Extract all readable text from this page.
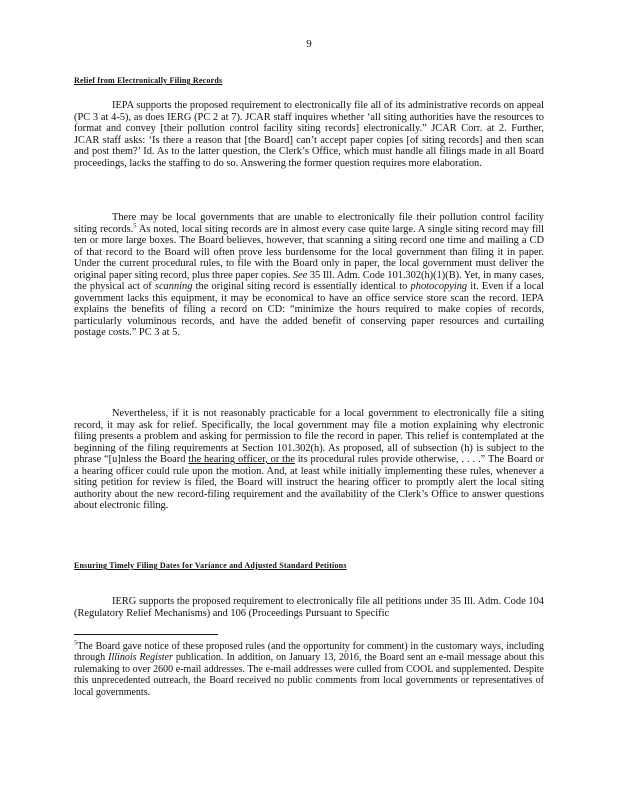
9
Relief from Electronically Filing Records

IEPA supports the proposed requirement to electronically file all of its administrative records on appeal (PC 3 at 4-5), as does IERG (PC 2 at 7). JCAR staff inquires whether ‘all siting authorities have the resources to format and convey [their pollution control facility siting records] electronically.” JCAR Corr. at 2. Further, JCAR staff asks: ‘Is there a reason that [the Board] can’t accept paper copies [of siting records] and then scan and post them?’ Id. As to the latter question, the Clerk’s Office, which must handle all filings made in all Board proceedings, lacks the staffing to do so. Answering the former question requires more elaboration.

There may be local governments that are unable to electronically file their pollution control facility siting records.$^5$ As noted, local siting records are in almost every case quite large. A single siting record may fill ten or more large boxes. The Board believes, however, that scanning a siting record one time and mailing a CD of that record to the Board will often prove less burdensome for the local government than filing it in paper. Under the current procedural rules, to file with the Board only in paper, the local government must deliver the original paper siting record, plus three paper copies. See 35 Ill. Adm. Code 101.302(h)(1)(B). Yet, in many cases, the physical act of scanning the original siting record is essentially identical to photocopying it. Even if a local government lacks this equipment, it may be economical to have an office service store scan the record. IEPA explains the benefits of filing a record on CD: “minimize the hours required to make copies of records, particularly voluminous records, and have the added benefit of conserving paper resources and curtailing postage costs.” PC 3 at 5.

Nevertheless, if it is not reasonably practicable for a local government to electronically file a siting record, it may ask for relief. Specifically, the local government may file a motion explaining why electronic filing presents a problem and asking for permission to file the record in paper. This relief is contemplated at the beginning of the filing requirements at Section 101.302(h). As proposed, all of subsection (h) is subject to the phrase “[u]nless the Board the hearing officer, or the its procedural rules provide otherwise, . . . .” The Board or a hearing officer could rule upon the motion. And, at least while initially implementing these rules, whenever a siting petition for review is filed, the Board will instruct the hearing officer to promptly alert the local siting authority about the new record-filing requirement and the availability of the Clerk’s Office to answer questions about electronic filing.

Ensuring Timely Filing Dates for Variance and Adjusted Standard Petitions

IERG supports the proposed requirement to electronically file all petitions under 35 Ill. Adm. Code 104 (Regulatory Relief Mechanisms) and 106 (Proceedings Pursuant to Specific

$^5$The Board gave notice of these proposed rules (and the opportunity for comment) in the customary ways, including through Illinois Register publication. In addition, on January 13, 2016, the Board sent an e-mail message about this rulemaking to over 2600 e-mail addresses. The e-mail addresses were culled from COOL and supplemented. Despite this unprecedented outreach, the Board received no public comments from local governments or representatives of local governments.
